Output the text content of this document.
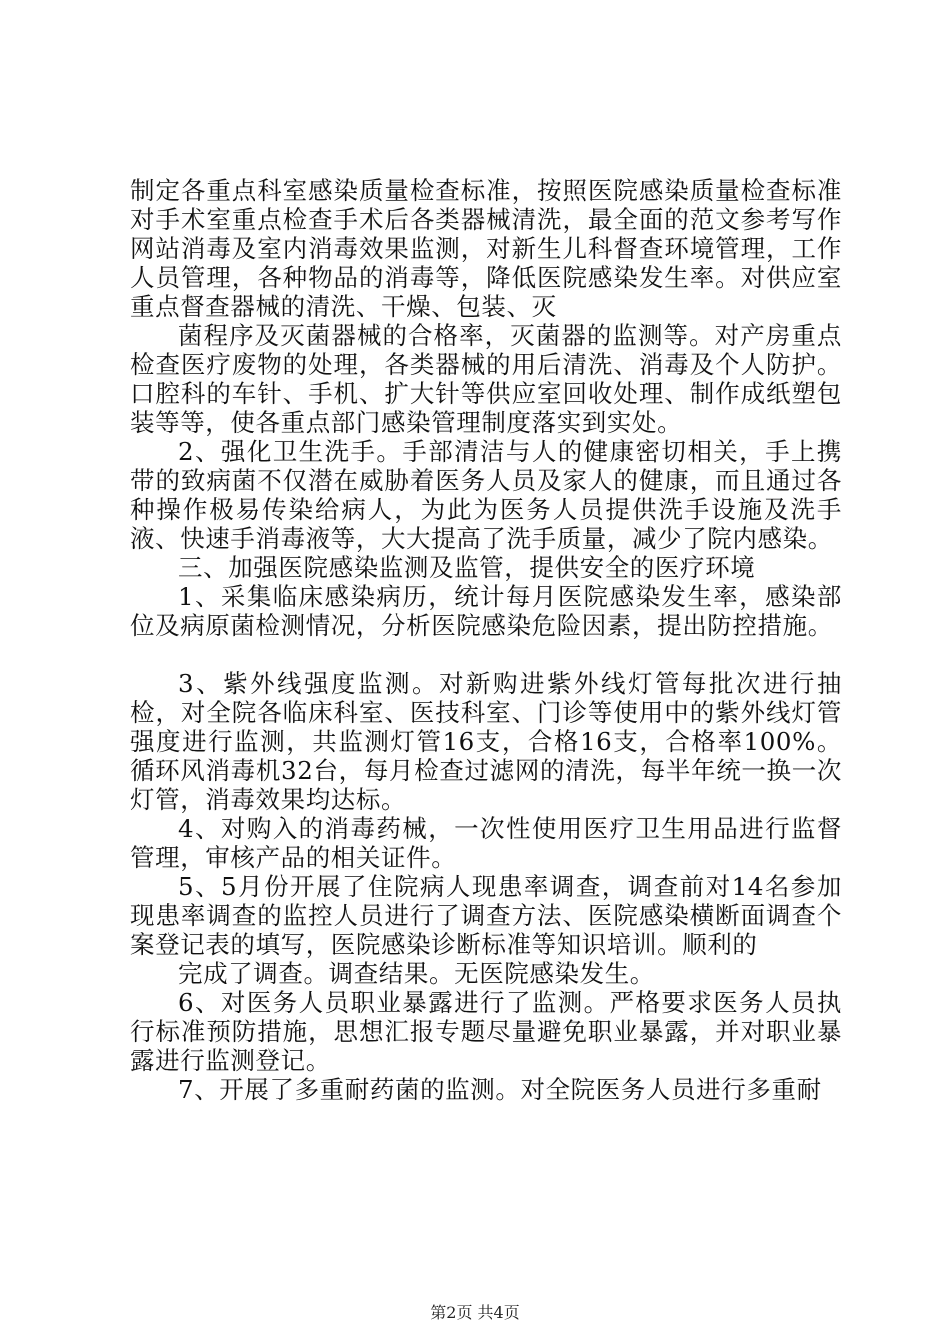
制定各重点科室感染质量检查标准，按照医院感染质量检查标准对手术室重点检查手术后各类器械清洗，最全面的范文参考写作网站消毒及室内消毒效果监测，对新生儿科督查环境管理，工作人员管理，各种物品的消毒等，降低医院感染发生率。对供应室重点督查器械的清洗、干燥、包装、灭

菌程序及灭菌器械的合格率，灭菌器的监测等。对产房重点检查医疗废物的处理，各类器械的用后清洗、消毒及个人防护。口腔科的车针、手机、扩大针等供应室回收处理、制作成纸塑包装等等，使各重点部门感染管理制度落实到实处。

2、强化卫生洗手。手部清洁与人的健康密切相关，手上携带的致病菌不仅潜在威胁着医务人员及家人的健康，而且通过各种操作极易传染给病人，为此为医务人员提供洗手设施及洗手液、快速手消毒液等，大大提高了洗手质量，减少了院内感染。

三、加强医院感染监测及监管，提供安全的医疗环境

1、采集临床感染病历，统计每月医院感染发生率，感染部位及病原菌检测情况，分析医院感染危险因素，提出防控措施。

3、紫外线强度监测。对新购进紫外线灯管每批次进行抽检，对全院各临床科室、医技科室、门诊等使用中的紫外线灯管强度进行监测，共监测灯管16支，合格16支，合格率100%。循环风消毒机32台，每月检查过滤网的清洗，每半年统一换一次灯管，消毒效果均达标。

4、对购入的消毒药械，一次性使用医疗卫生用品进行监督管理，审核产品的相关证件。

5、5月份开展了住院病人现患率调查，调查前对14名参加现患率调查的监控人员进行了调查方法、医院感染横断面调查个案登记表的填写，医院感染诊断标准等知识培训。顺利的

完成了调查。调查结果。无医院感染发生。

6、对医务人员职业暴露进行了监测。严格要求医务人员执行标准预防措施，思想汇报专题尽量避免职业暴露，并对职业暴露进行监测登记。

7、开展了多重耐药菌的监测。对全院医务人员进行多重耐

第2页 共4页
